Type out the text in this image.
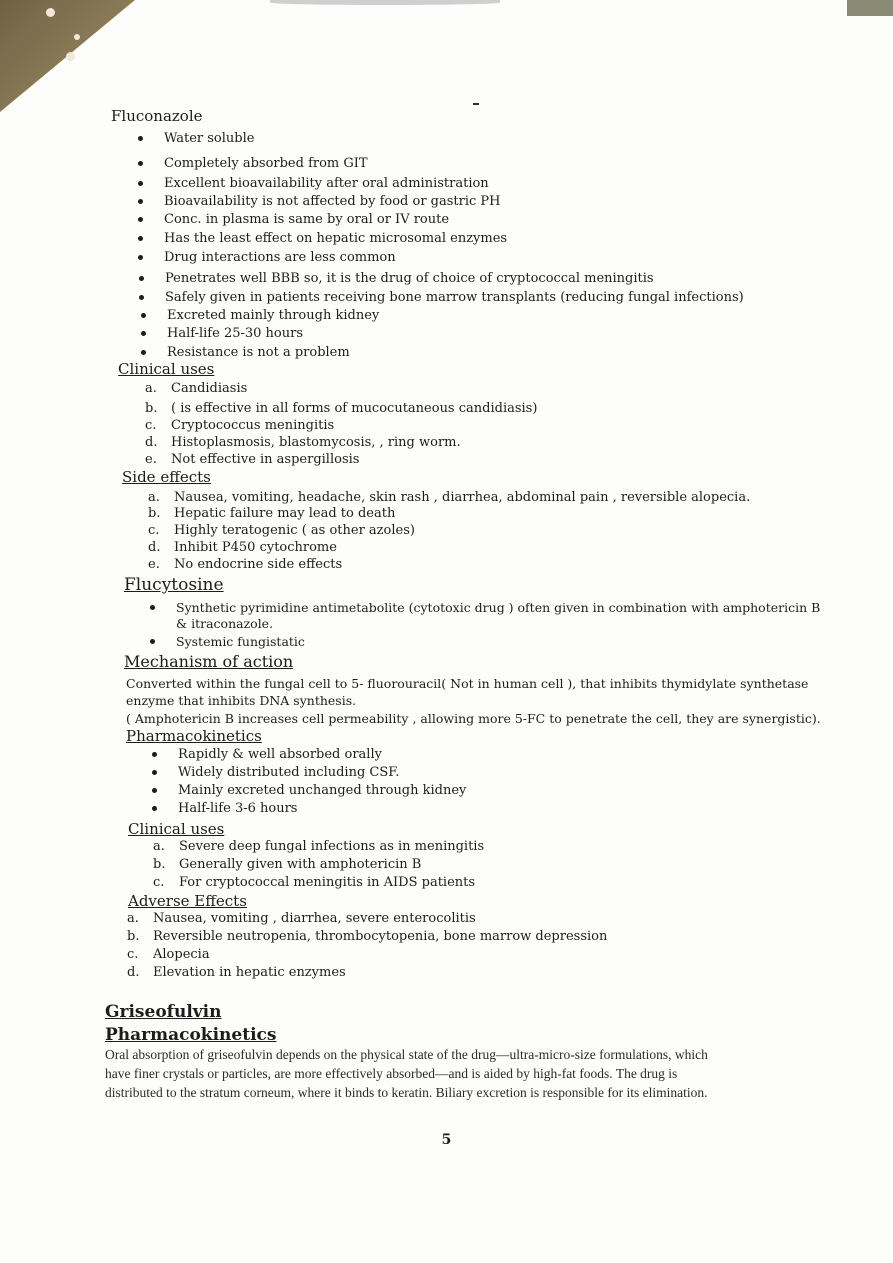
Fluconazole
Water soluble
Completely absorbed from GIT
Excellent bioavailability after oral administration
Bioavailability is not affected by food or gastric PH
Conc. in plasma is same by oral or IV route
Has the least effect on hepatic microsomal enzymes
Drug interactions are less common
Penetrates well BBB so, it is the drug of choice of cryptococcal meningitis
Safely given in patients receiving bone marrow transplants (reducing fungal infections)
Excreted mainly through kidney
Half-life 25-30 hours
Resistance is not a problem
Clinical uses
a. Candidiasis
b. ( is effective in all forms of mucocutaneous candidiasis)
c. Cryptococcus meningitis
d. Histoplasmosis, blastomycosis, , ring worm.
e. Not effective in aspergillosis
Side effects
a. Nausea, vomiting, headache, skin rash , diarrhea, abdominal pain , reversible alopecia.
b. Hepatic failure may lead to death
c. Highly teratogenic ( as other azoles)
d. Inhibit P450 cytochrome
e. No endocrine side effects
Flucytosine
Synthetic pyrimidine antimetabolite (cytotoxic drug ) often given in combination with amphotericin B
& itraconazole.
Systemic fungistatic
Mechanism of action
Converted within the fungal cell to 5- fluorouracil( Not in human cell ), that inhibits thymidylate synthetase
enzyme that inhibits DNA synthesis.
( Amphotericin B increases cell permeability , allowing more 5-FC to penetrate the cell, they are synergistic).
Pharmacokinetics
Rapidly & well absorbed orally
Widely distributed including CSF.
Mainly excreted unchanged through kidney
Half-life 3-6 hours
Clinical uses
a. Severe deep fungal infections as in meningitis
b. Generally given with amphotericin B
c. For cryptococcal meningitis in AIDS patients
Adverse Effects
a. Nausea, vomiting , diarrhea, severe enterocolitis
b. Reversible neutropenia, thrombocytopenia, bone marrow depression
c. Alopecia
d. Elevation in hepatic enzymes
Griseofulvin
Pharmacokinetics
Oral absorption of griseofulvin depends on the physical state of the drug—ultra-micro-size formulations, which
have finer crystals or particles, are more effectively absorbed—and is aided by high-fat foods. The drug is
distributed to the stratum corneum, where it binds to keratin. Biliary excretion is responsible for its elimination.
5
